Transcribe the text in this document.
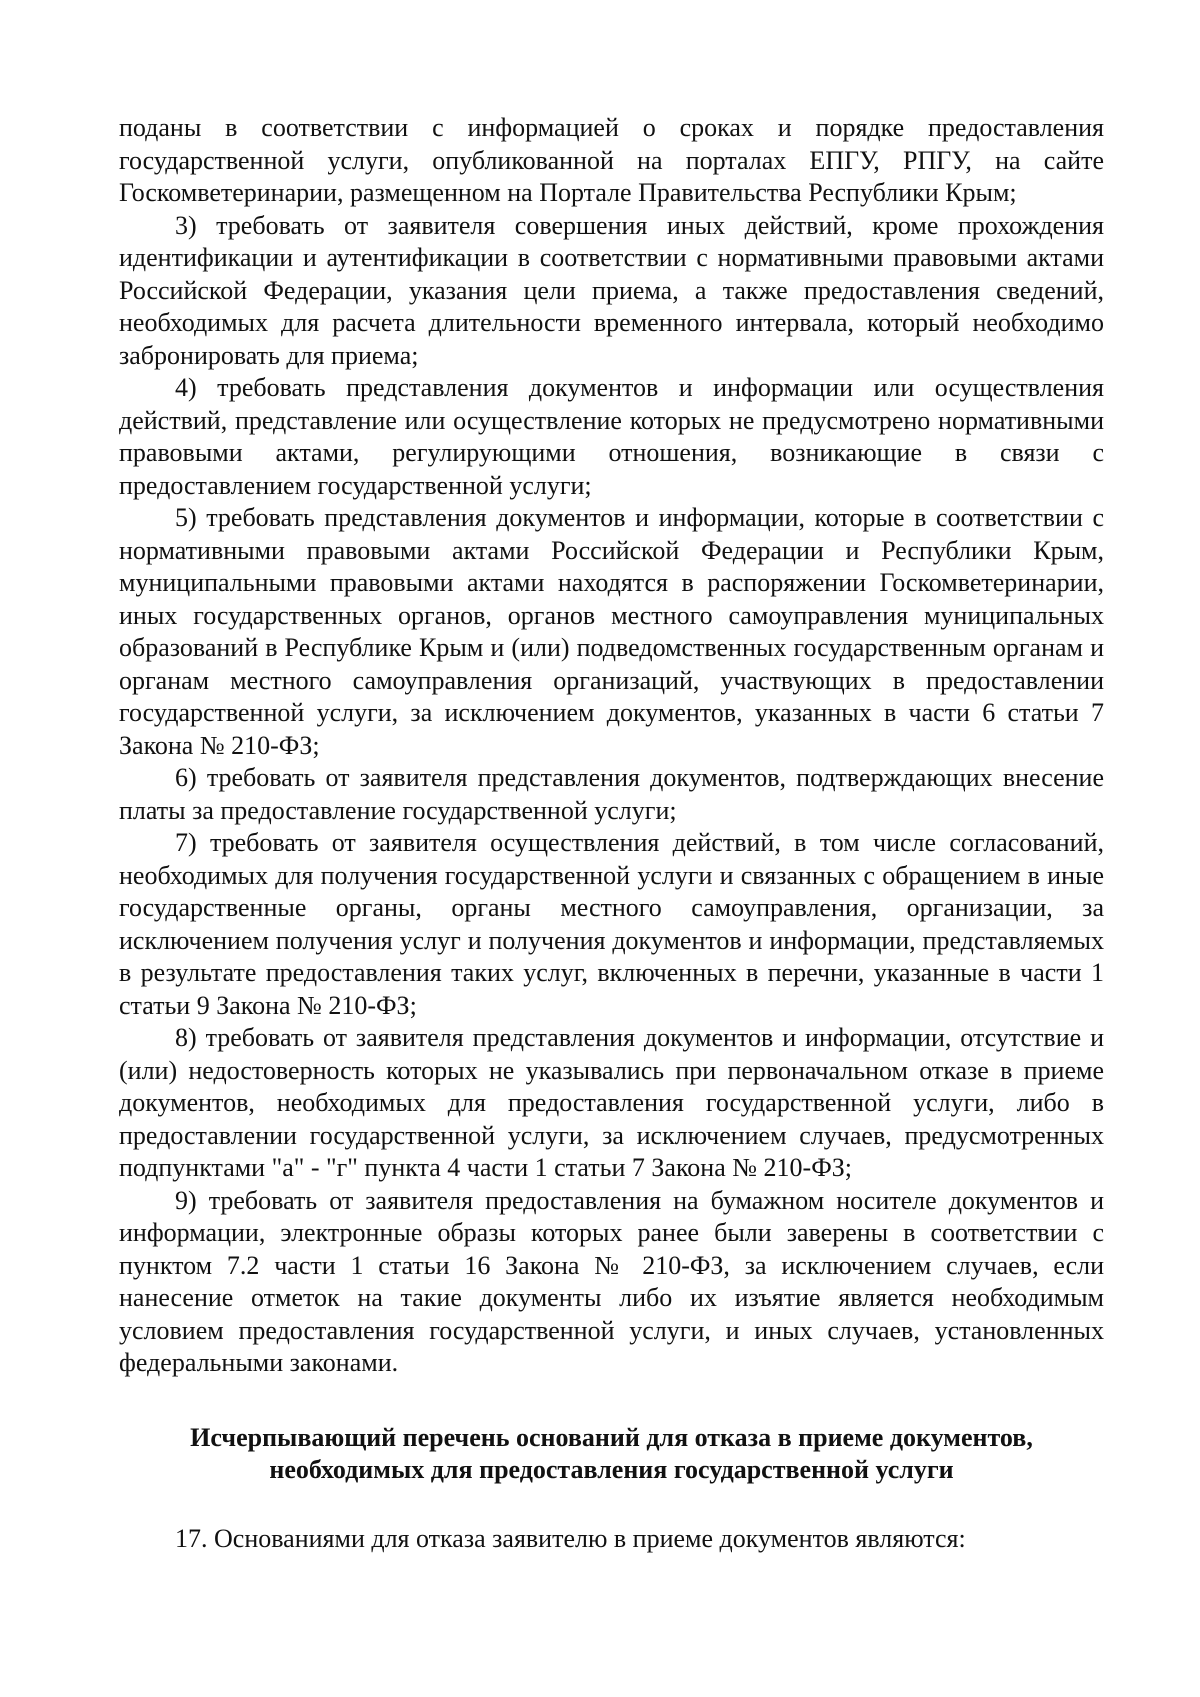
поданы в соответствии с информацией о сроках и порядке предоставления государственной услуги, опубликованной на порталах ЕПГУ, РПГУ, на сайте Госкомветеринарии, размещенном на Портале Правительства Республики Крым;

3) требовать от заявителя совершения иных действий, кроме прохождения идентификации и аутентификации в соответствии с нормативными правовыми актами Российской Федерации, указания цели приема, а также предоставления сведений, необходимых для расчета длительности временного интервала, который необходимо забронировать для приема;

4) требовать представления документов и информации или осуществления действий, представление или осуществление которых не предусмотрено нормативными правовыми актами, регулирующими отношения, возникающие в связи с предоставлением государственной услуги;

5) требовать представления документов и информации, которые в соответствии с нормативными правовыми актами Российской Федерации и Республики Крым, муниципальными правовыми актами находятся в распоряжении Госкомветеринарии, иных государственных органов, органов местного самоуправления муниципальных образований в Республике Крым и (или) подведомственных государственным органам и органам местного самоуправления организаций, участвующих в предоставлении государственной услуги, за исключением документов, указанных в части 6 статьи 7 Закона № 210-ФЗ;

6) требовать от заявителя представления документов, подтверждающих внесение платы за предоставление государственной услуги;

7) требовать от заявителя осуществления действий, в том числе согласований, необходимых для получения государственной услуги и связанных с обращением в иные государственные органы, органы местного самоуправления, организации, за исключением получения услуг и получения документов и информации, представляемых в результате предоставления таких услуг, включенных в перечни, указанные в части 1 статьи 9 Закона № 210-ФЗ;

8) требовать от заявителя представления документов и информации, отсутствие и (или) недостоверность которых не указывались при первоначальном отказе в приеме документов, необходимых для предоставления государственной услуги, либо в предоставлении государственной услуги, за исключением случаев, предусмотренных подпунктами "а" - "г" пункта 4 части 1 статьи 7 Закона № 210-ФЗ;

9) требовать от заявителя предоставления на бумажном носителе документов и информации, электронные образы которых ранее были заверены в соответствии с пунктом 7.2 части 1 статьи 16 Закона № 210-ФЗ, за исключением случаев, если нанесение отметок на такие документы либо их изъятие является необходимым условием предоставления государственной услуги, и иных случаев, установленных федеральными законами.

Исчерпывающий перечень оснований для отказа в приеме документов,
необходимых для предоставления государственной услуги

17. Основаниями для отказа заявителю в приеме документов являются:
